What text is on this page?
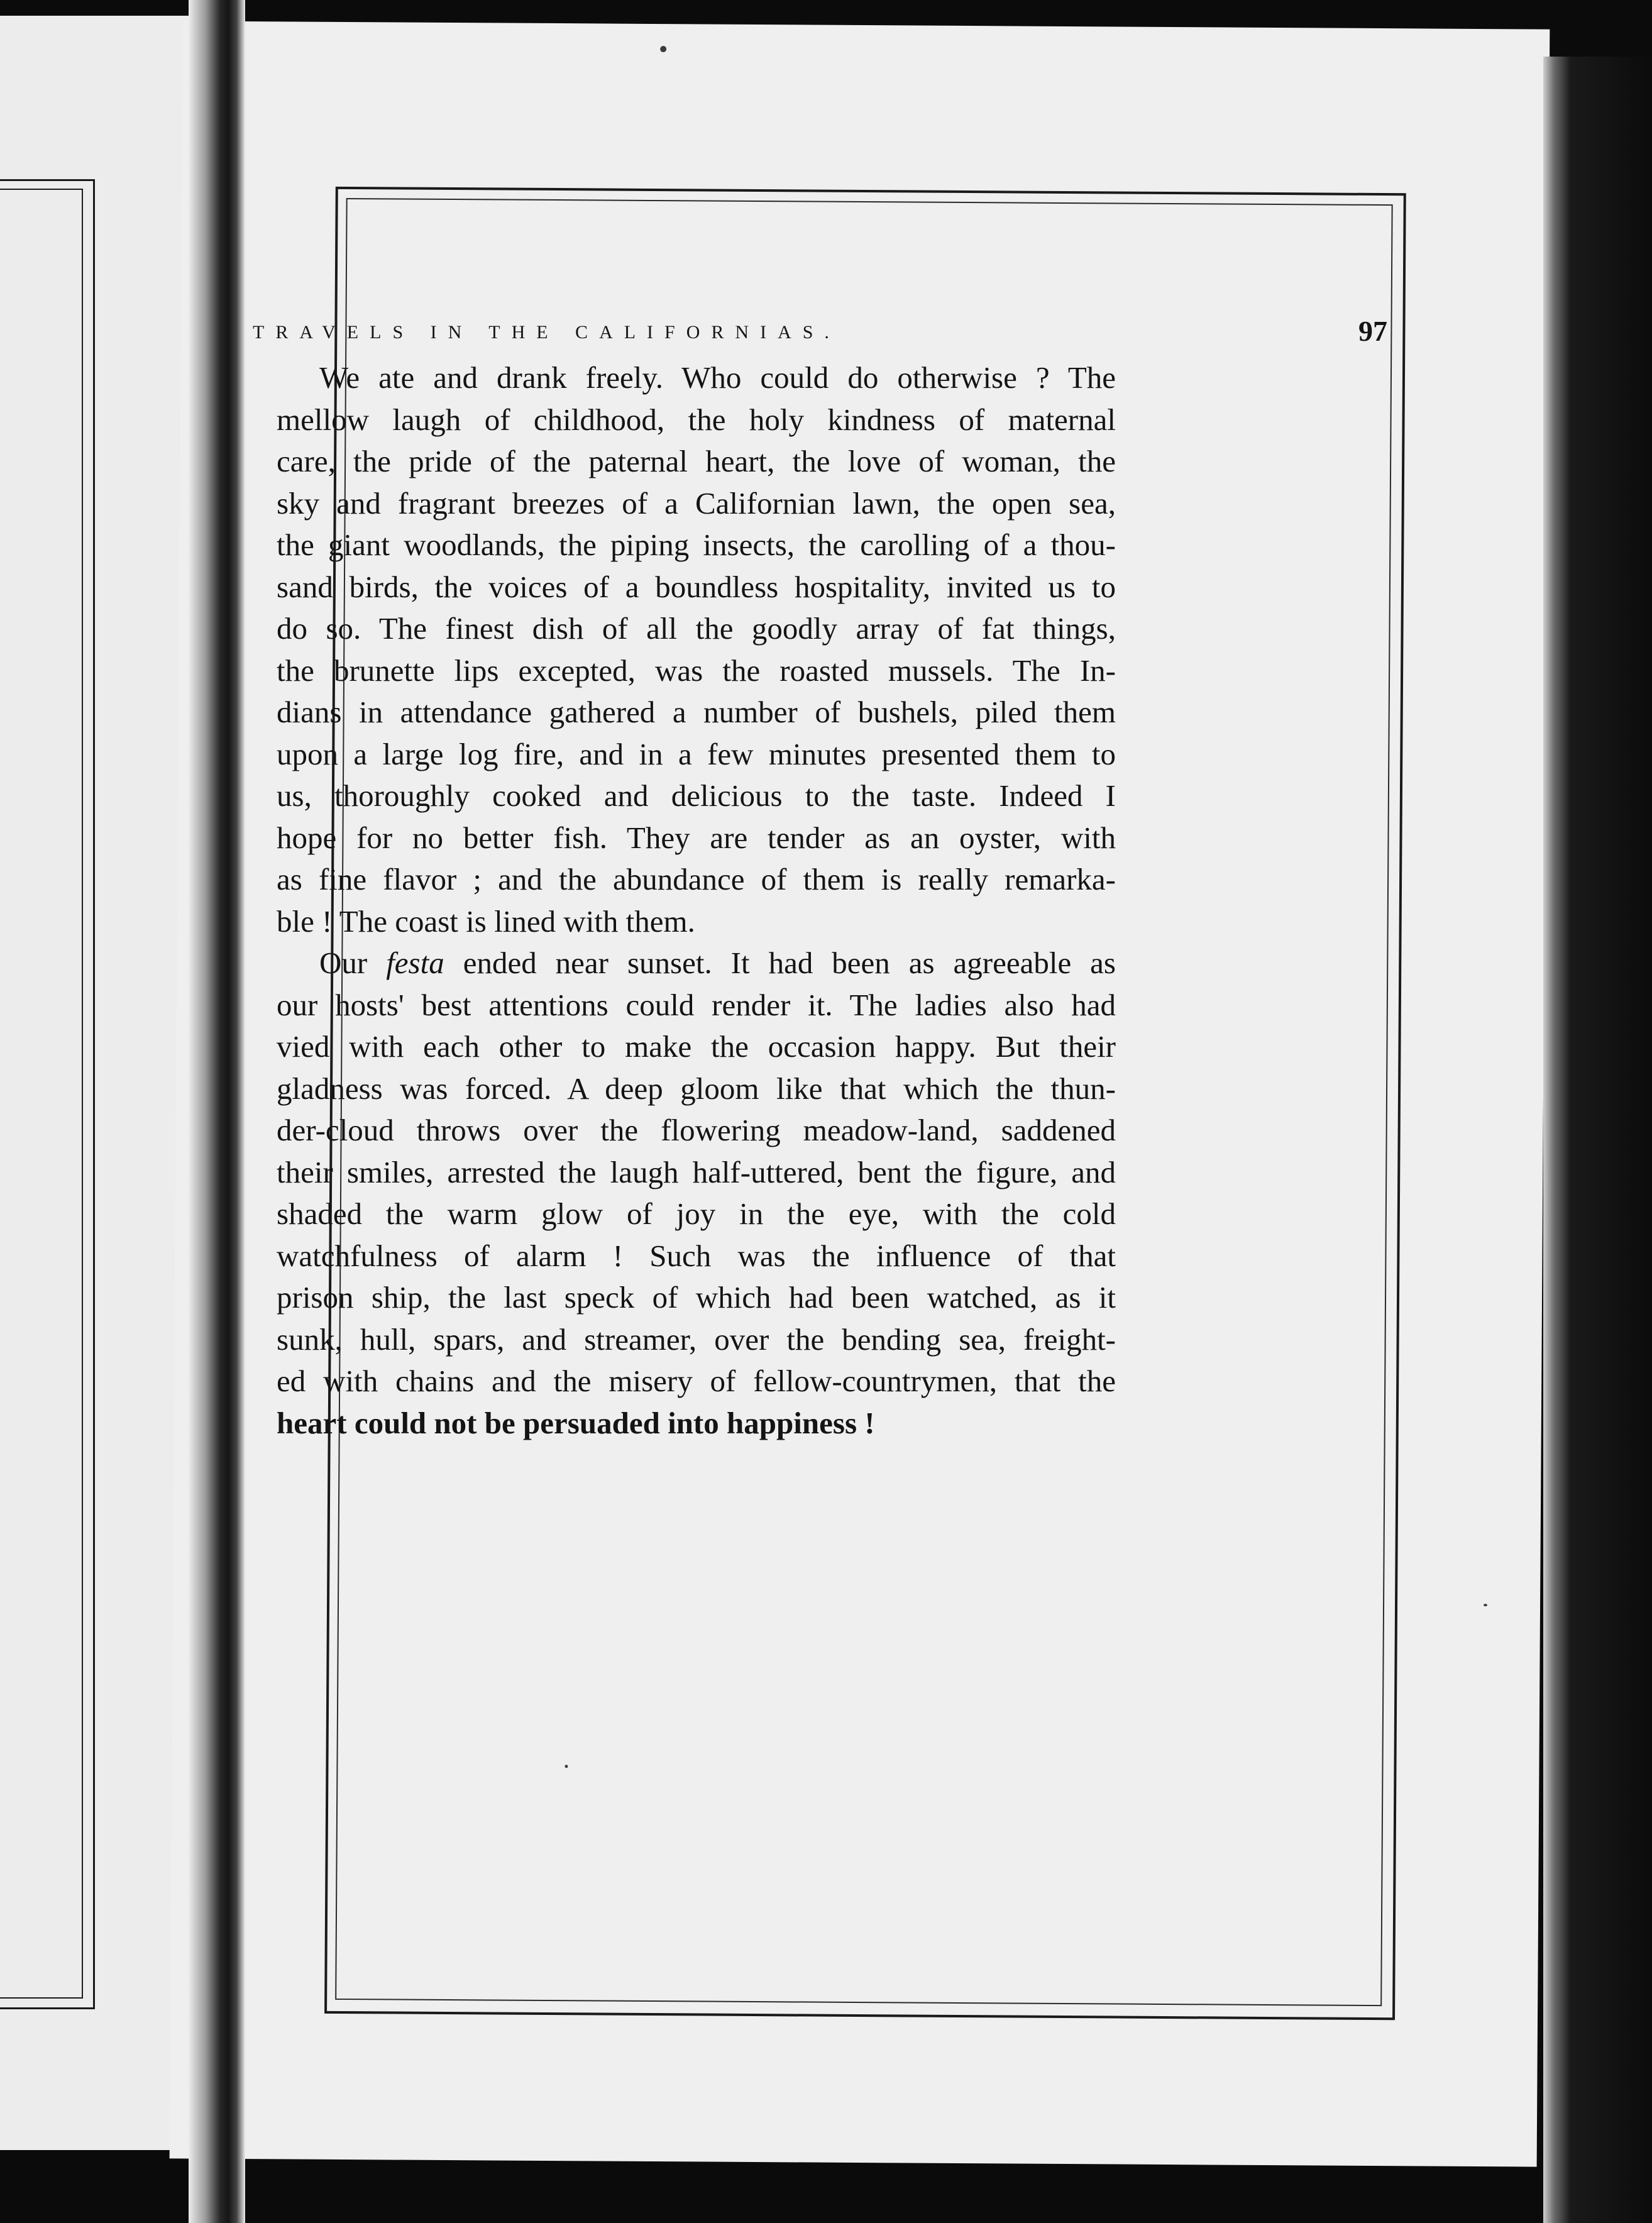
TRAVELS IN THE CALIFORNIAS.	97
We ate and drank freely. Who could do otherwise ? The
mellow laugh of childhood, the holy kindness of maternal
care, the pride of the paternal heart, the love of woman, the
sky and fragrant breezes of a Californian lawn, the open sea,
the giant woodlands, the piping insects, the carolling of a thou-
sand birds, the voices of a boundless hospitality, invited us to
do so. The finest dish of all the goodly array of fat things,
the brunette lips excepted, was the roasted mussels. The In-
dians in attendance gathered a number of bushels, piled them
upon a large log fire, and in a few minutes presented them to
us, thoroughly cooked and delicious to the taste. Indeed I
hope for no better fish. They are tender as an oyster, with
as fine flavor ; and the abundance of them is really remarka-
ble ! The coast is lined with them.
Our festa ended near sunset. It had been as agreeable as
our hosts' best attentions could render it. The ladies also had
vied with each other to make the occasion happy. But their
gladness was forced. A deep gloom like that which the thun-
der-cloud throws over the flowering meadow-land, saddened
their smiles, arrested the laugh half-uttered, bent the figure, and
shaded the warm glow of joy in the eye, with the cold
watchfulness of alarm ! Such was the influence of that
prison ship, the last speck of which had been watched, as it
sunk, hull, spars, and streamer, over the bending sea, freight-
ed with chains and the misery of fellow-countrymen, that the
heart could not be persuaded into happiness !
